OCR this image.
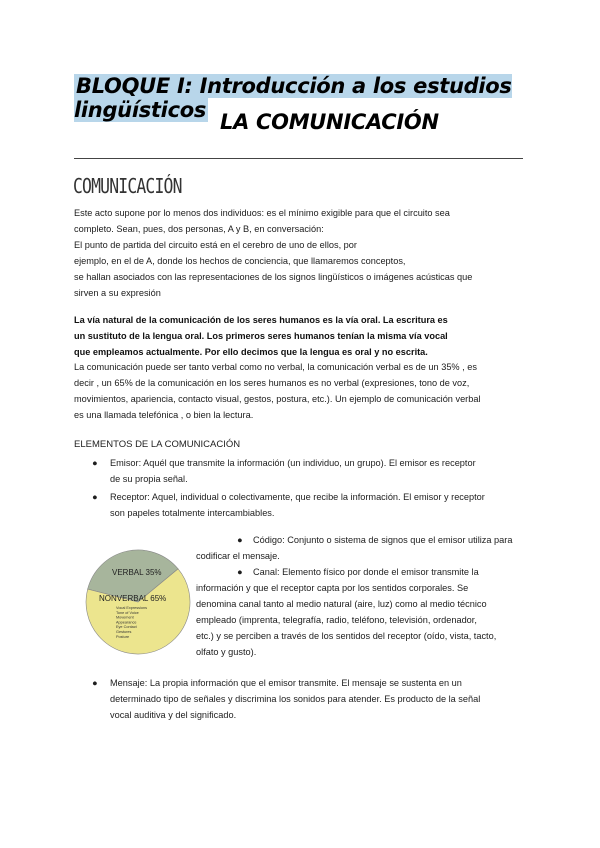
BLOQUE I: Introducción a los estudios lingüísticos LA COMUNICACIÓN
COMUNICACIÓN
Este acto supone por lo menos dos individuos: es el mínimo exigible para que el circuito sea
completo. Sean, pues, dos personas, A y B, en conversación:
El punto de partida del circuito está en el cerebro de uno de ellos, por
ejemplo, en el de A, donde los hechos de conciencia, que llamaremos conceptos,
se hallan asociados con las representaciones de los signos lingüísticos o imágenes acústicas que
sirven a su expresión
La vía natural de la comunicación de los seres humanos es la vía oral. La escritura es
un sustituto de la lengua oral. Los primeros seres humanos tenían la misma vía vocal
que empleamos actualmente. Por ello decimos que la lengua es oral y no escrita.
La comunicación puede ser tanto verbal como no verbal, la comunicación verbal es de un 35% , es
decir , un 65% de la comunicación en los seres humanos es no verbal (expresiones, tono de voz,
movimientos, apariencia, contacto visual, gestos, postura, etc.). Un ejemplo de comunicación verbal
es una llamada telefónica , o bien la lectura.
ELEMENTOS DE LA COMUNICACIÓN
● Emisor: Aquél que transmite la información (un individuo, un grupo). El emisor es receptor
de su propia señal.
● Receptor: Aquel, individual o colectivamente, que recibe la información. El emisor y receptor
son papeles totalmente intercambiables.
VERBAL 35%
NONVERBAL 65%
Vocal Expressions
Tone of Voice
Movement
Appearance
Eye Contact
Gestures
Posture
●	Código: Conjunto o sistema de signos que el emisor utiliza para
codificar el mensaje.
●	Canal: Elemento físico por donde el emisor transmite la
información y que el receptor capta por los sentidos corporales. Se
denomina canal tanto al medio natural (aire, luz) como al medio técnico
empleado (imprenta, telegrafía, radio, teléfono, televisión, ordenador,
etc.) y se perciben a través de los sentidos del receptor (oído, vista, tacto,
olfato y gusto).
● Mensaje: La propia información que el emisor transmite. El mensaje se sustenta en un
determinado tipo de señales y discrimina los sonidos para atender. Es producto de la señal
vocal auditiva y del significado.
